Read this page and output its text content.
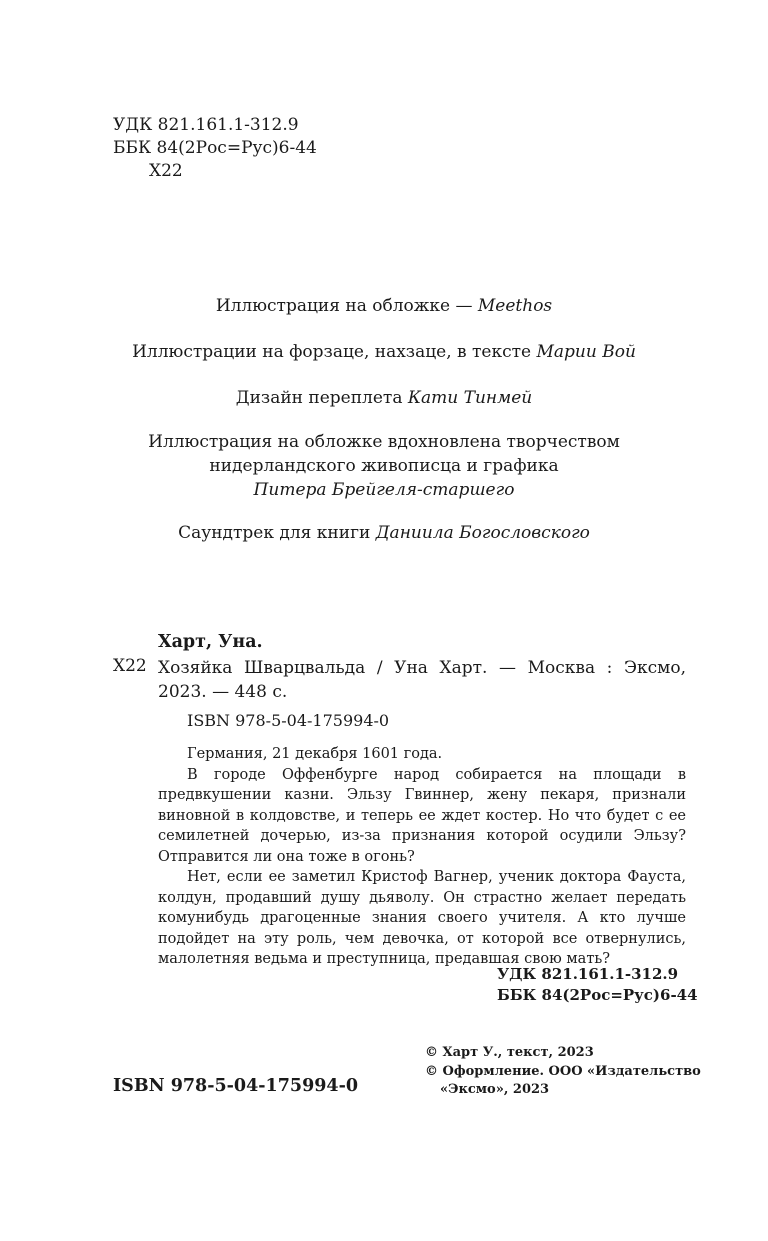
УДК 821.161.1-312.9
ББК 84(2Рос=Рус)6-44
Х22
Иллюстрация на обложке — Meethos
Иллюстрации на форзаце, нахзаце, в тексте Марии Вой
Дизайн переплета Кати Тинмей
Иллюстрация на обложке вдохновлена творчеством
нидерландского живописца и графика
Питера Брейгеля-старшего
Саундтрек для книги Даниила Богословского
Харт, Уна.
Х22 Хозяйка Шварцвальда / Уна Харт. — Москва : Эксмо, 2023. — 448 с.
ISBN 978-5-04-175994-0

Германия, 21 декабря 1601 года.

В городе Оффенбурге народ собирается на площади в предвкушении казни. Эльзу Гвиннер, жену пекаря, признали виновной в колдовстве, и теперь ее ждет костер. Но что будет с ее семилетней дочерью, из-за признания которой осудили Эльзу? Отправится ли она тоже в огонь?

Нет, если ее заметил Кристоф Вагнер, ученик доктора Фауста, колдун, продавший душу дьяволу. Он страстно желает передать комунибудь драгоценные знания своего учителя. А кто лучше подойдет на эту роль, чем девочка, от которой все отвернулись, малолетняя ведьма и преступница, предавшая свою мать?

УДК 821.161.1-312.9
ББК 84(2Рос=Рус)6-44
© Харт У., текст, 2023
© Оформление. ООО «Издательство
«Эксмо», 2023
ISBN 978-5-04-175994-0
